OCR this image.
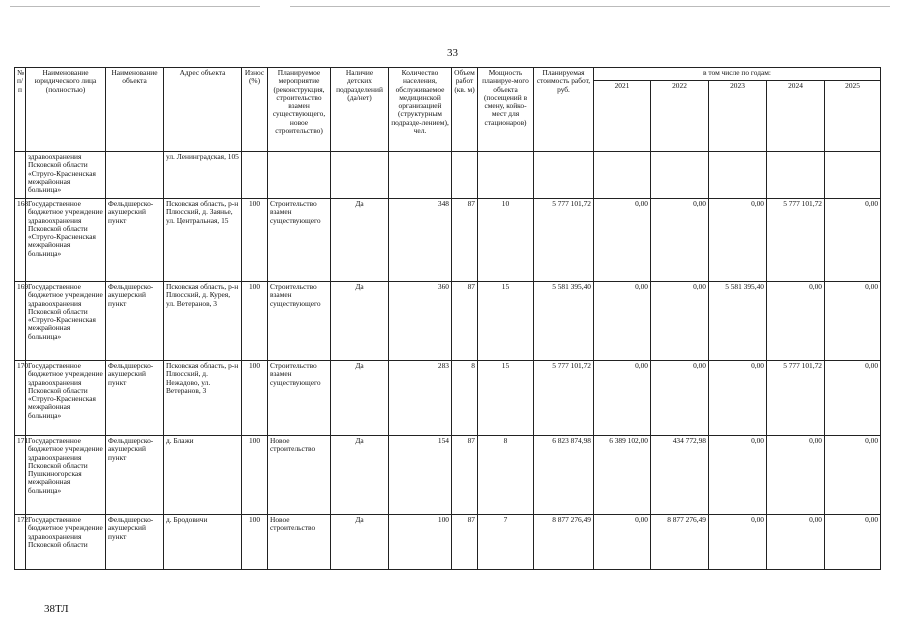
33
№ п/п	Наименование юридического лица (полностью)	Наименование объекта	Адрес объекта	Износ (%)	Планируемое мероприятие (реконструкция, строительство взамен существующего, новое строительство)	Наличие детских подразделений (да/нет)	Количество населения, обслуживаемое медицинской организацией (структурным подразде-лением), чел.	Объем работ (кв. м)	Мощность планируе-мого объекта (посещений в смену, койко-мест для стационаров)	Планируемая стоимость работ, руб.	в том числе по годам:				
											2021	2022	2023	2024	2025
	здравоохранения Псковской области «Струго-Красненская межрайонная больница»		ул. Ленинградская, 105												
168	Государственное бюджетное учреждение здравоохранения Псковской области «Струго-Красненская межрайонная больница»	Фельдшерско-акушерский пункт	Псковская область, р-н Плюсский, д. Заянье, ул. Центральная, 15	100	Строительство взамен существующего	Да	348	87	10	5 777 101,72	0,00	0,00	0,00	5 777 101,72	0,00
169	Государственное бюджетное учреждение здравоохранения Псковской области «Струго-Красненская межрайонная больница»	Фельдшерско-акушерский пункт	Псковская область, р-н Плюсский, д. Курея, ул. Ветеранов, 3	100	Строительство взамен существующего	Да	360	87	15	5 581 395,40	0,00	0,00	5 581 395,40	0,00	0,00
170	Государственное бюджетное учреждение здравоохранения Псковской области «Струго-Красненская межрайонная больница»	Фельдшерско-акушерский пункт	Псковская область, р-н Плюсский, д. Нежадово, ул. Ветеранов, 3	100	Строительство взамен существующего	Да	283	8	15	5 777 101,72	0,00	0,00	0,00	5 777 101,72	0,00
171	Государственное бюджетное учреждение здравоохранения Псковской области Пушкиногорская межрайонная больница»	Фельдшерско-акушерский пункт	д. Блажи	100	Новое строительство	Да	154	87	8	6 823 874,98	6 389 102,00	434 772,98	0,00	0,00	0,00
172	Государственное бюджетное учреждение здравоохранения Псковской области	Фельдшерско-акушерский пункт	д. Бродовичи	100	Новое строительство	Да	100	87	7	8 877 276,49	0,00	8 877 276,49	0,00	0,00	0,00
38ТЛ
